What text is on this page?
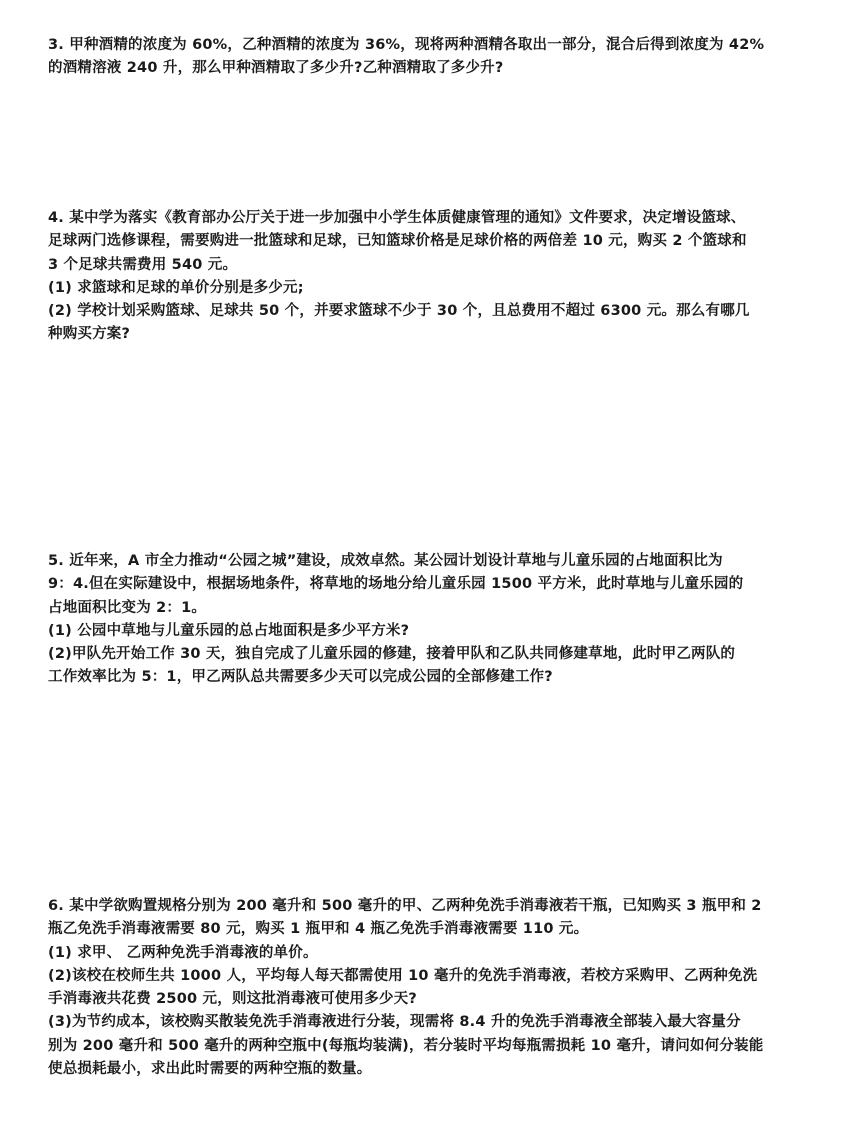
3. 甲种酒精的浓度为 60%，乙种酒精的浓度为 36%，现将两种酒精各取出一部分，混合后得到浓度为 42%
的酒精溶液 240 升，那么甲种酒精取了多少升?乙种酒精取了多少升?
4. 某中学为落实《教育部办公厅关于进一步加强中小学生体质健康管理的通知》文件要求，决定增设篮球、
足球两门选修课程，需要购进一批篮球和足球，已知篮球价格是足球价格的两倍差 10 元，购买 2 个篮球和
3 个足球共需费用 540 元。
(1) 求篮球和足球的单价分别是多少元;
(2) 学校计划采购篮球、足球共 50 个，并要求篮球不少于 30 个，且总费用不超过 6300 元。那么有哪几
种购买方案?
5. 近年来，A 市全力推动“公园之城”建设，成效卓然。某公园计划设计草地与儿童乐园的占地面积比为
9：4.但在实际建设中，根据场地条件，将草地的场地分给儿童乐园 1500 平方米，此时草地与儿童乐园的
占地面积比变为 2：1。
(1) 公园中草地与儿童乐园的总占地面积是多少平方米?
(2)甲队先开始工作 30 天，独自完成了儿童乐园的修建，接着甲队和乙队共同修建草地，此时甲乙两队的
工作效率比为 5：1，甲乙两队总共需要多少天可以完成公园的全部修建工作?
6. 某中学欲购置规格分别为 200 毫升和 500 毫升的甲、乙两种免洗手消毒液若干瓶，已知购买 3 瓶甲和 2
瓶乙免洗手消毒液需要 80 元，购买 1 瓶甲和 4 瓶乙免洗手消毒液需要 110 元。
(1) 求甲、 乙两种免洗手消毒液的单价。
(2)该校在校师生共 1000 人，平均每人每天都需使用 10 毫升的免洗手消毒液，若校方采购甲、乙两种免洗
手消毒液共花费 2500 元，则这批消毒液可使用多少天?
(3)为节约成本，该校购买散装免洗手消毒液进行分装，现需将 8.4 升的免洗手消毒液全部装入最大容量分
别为 200 毫升和 500 毫升的两种空瓶中(每瓶均装满)，若分装时平均每瓶需损耗 10 毫升，请问如何分装能
使总损耗最小，求出此时需要的两种空瓶的数量。
